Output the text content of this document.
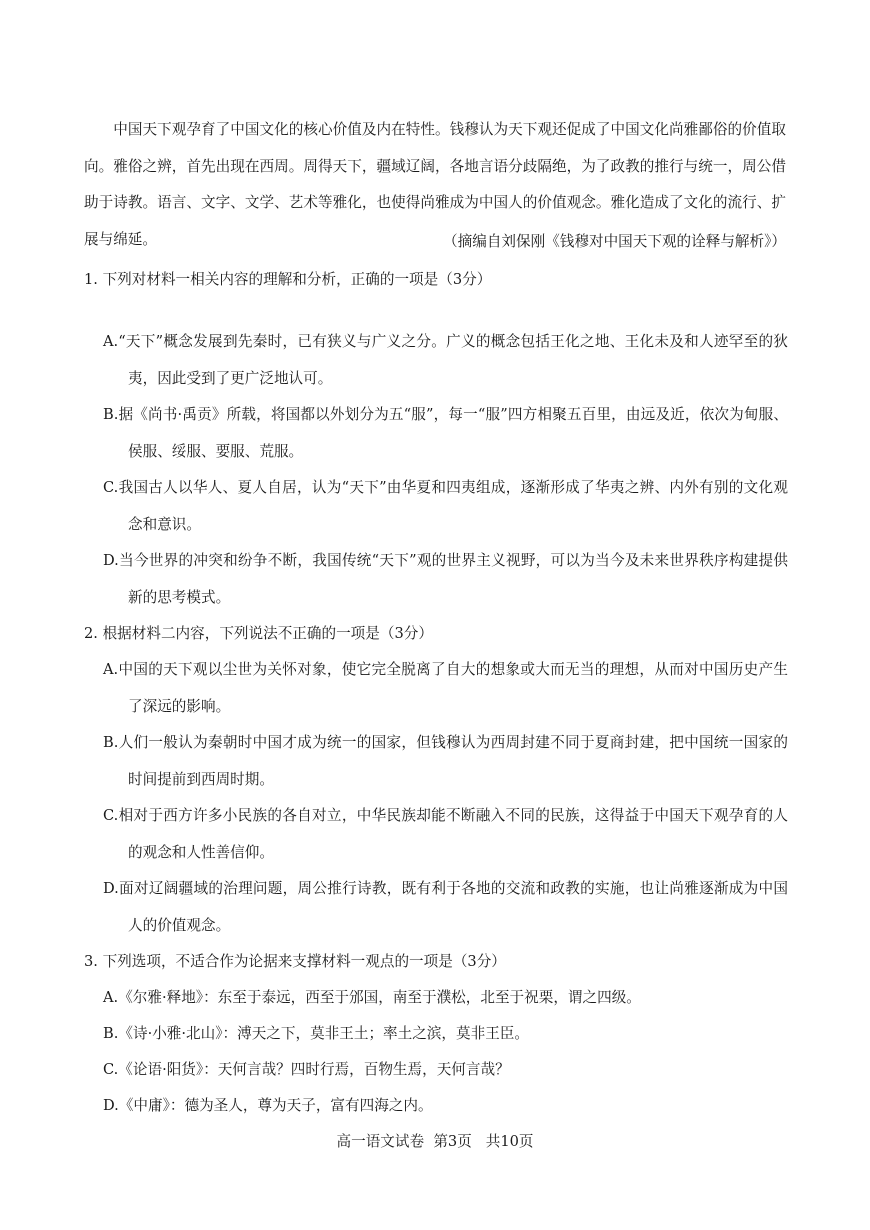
中国天下观孕育了中国文化的核心价值及内在特性。钱穆认为天下观还促成了中国文化尚雅鄙俗的价值取向。雅俗之辨，首先出现在西周。周得天下，疆域辽阔，各地言语分歧隔绝，为了政教的推行与统一，周公借助于诗教。语言、文字、文学、艺术等雅化，也使得尚雅成为中国人的价值观念。雅化造成了文化的流行、扩展与绵延。	（摘编自刘保刚《钱穆对中国天下观的诠释与解析》）

1. 下列对材料一相关内容的理解和分析，正确的一项是（3分）

A.“天下”概念发展到先秦时，已有狭义与广义之分。广义的概念包括王化之地、王化未及和人迹罕至的狄夷，因此受到了更广泛地认可。
B.据《尚书·禹贡》所载，将国都以外划分为五“服”，每一“服”四方相聚五百里，由远及近，依次为甸服、侯服、绥服、要服、荒服。
C.我国古人以华人、夏人自居，认为“天下”由华夏和四夷组成，逐渐形成了华夷之辨、内外有别的文化观念和意识。
D.当今世界的冲突和纷争不断，我国传统“天下”观的世界主义视野，可以为当今及未来世界秩序构建提供新的思考模式。

2. 根据材料二内容，下列说法不正确的一项是（3分）

A.中国的天下观以尘世为关怀对象，使它完全脱离了自大的想象或大而无当的理想，从而对中国历史产生了深远的影响。
B.人们一般认为秦朝时中国才成为统一的国家，但钱穆认为西周封建不同于夏商封建，把中国统一国家的时间提前到西周时期。
C.相对于西方许多小民族的各自对立，中华民族却能不断融入不同的民族，这得益于中国天下观孕育的人的观念和人性善信仰。
D.面对辽阔疆域的治理问题，周公推行诗教，既有利于各地的交流和政教的实施，也让尚雅逐渐成为中国人的价值观念。

3. 下列选项，不适合作为论据来支撑材料一观点的一项是（3分）

A.《尔雅·释地》：东至于泰远，西至于邠国，南至于濮松，北至于祝栗，谓之四级。
B.《诗·小雅·北山》：溥天之下，莫非王土；率土之滨，莫非王臣。
C.《论语·阳货》：天何言哉？四时行焉，百物生焉，天何言哉？
D.《中庸》：德为圣人，尊为天子，富有四海之内。

高一语文试卷  第3页   共10页
